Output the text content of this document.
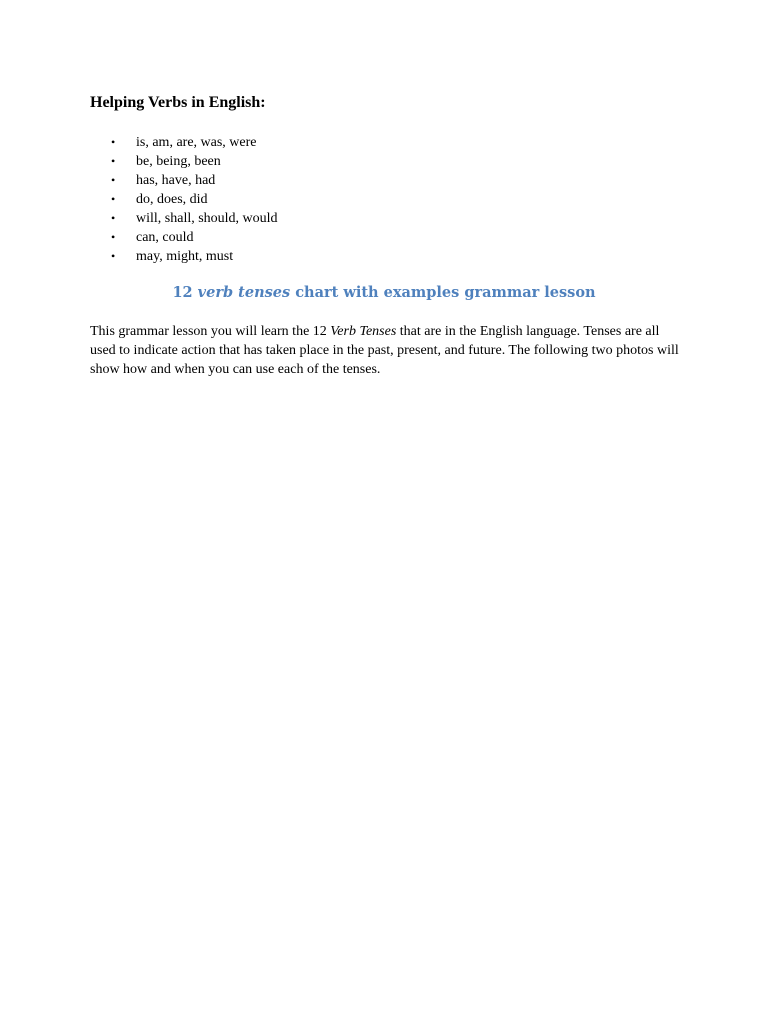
Helping Verbs in English:
• is, am, are, was, were
• be, being, been
• has, have, had
• do, does, did
• will, shall, should, would
• can, could
• may, might, must
12 verb tenses chart with examples grammar lesson

This grammar lesson you will learn the 12 Verb Tenses that are in the English language. Tenses are all used to indicate action that has taken place in the past, present, and future. The following two photos will show how and when you can use each of the tenses.
